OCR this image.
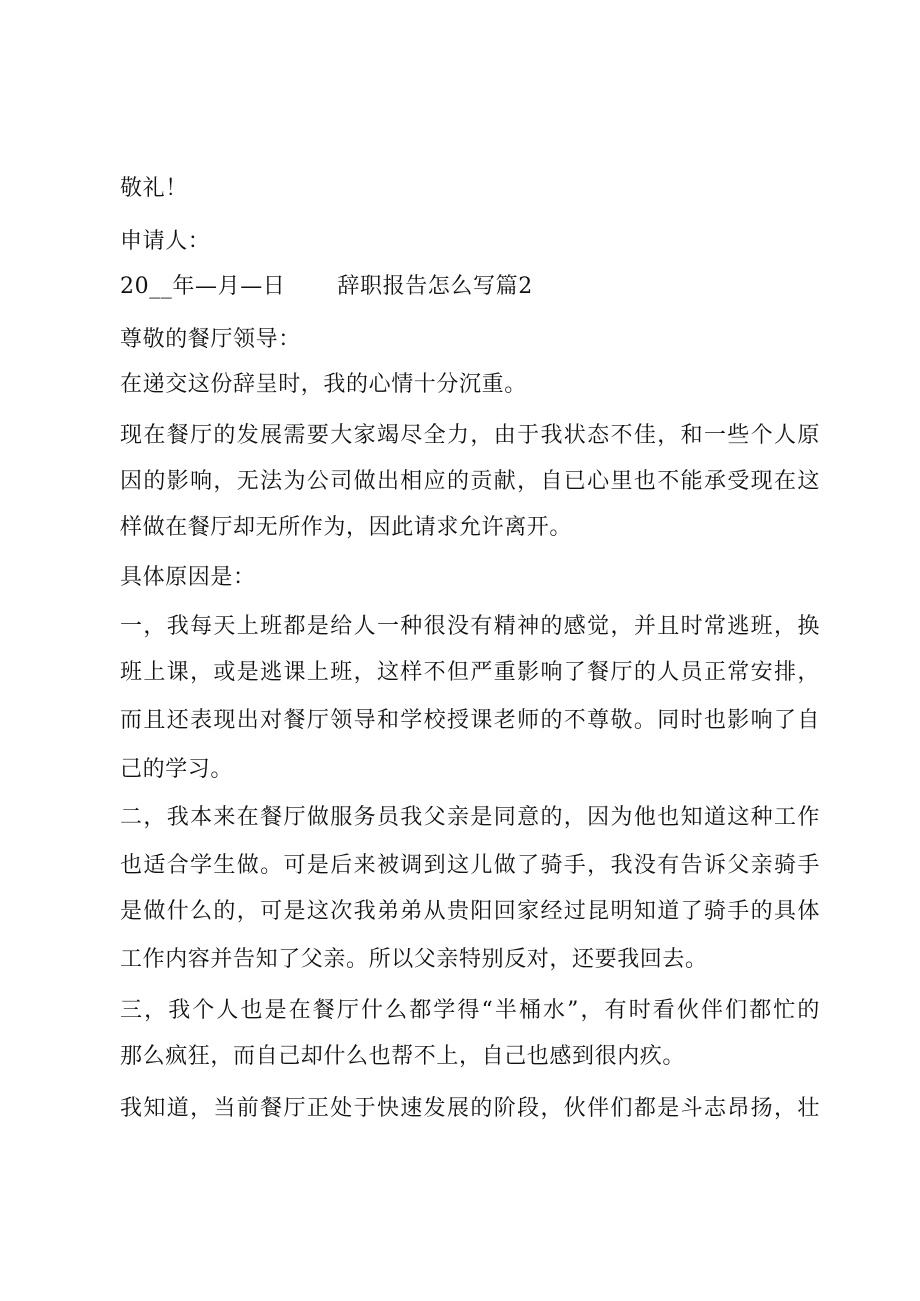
敬礼！

申请人：

20__年—月—日 辞职报告怎么写篇2

尊敬的餐厅领导：

在递交这份辞呈时，我的心情十分沉重。

现在餐厅的发展需要大家竭尽全力，由于我状态不佳，和一些个人原

因的影响，无法为公司做出相应的贡献，自已心里也不能承受现在这

样做在餐厅却无所作为，因此请求允许离开。

具体原因是：

一，我每天上班都是给人一种很没有精神的感觉，并且时常逃班，换

班上课，或是逃课上班，这样不但严重影响了餐厅的人员正常安排，

而且还表现出对餐厅领导和学校授课老师的不尊敬。同时也影响了自

己的学习。

二，我本来在餐厅做服务员我父亲是同意的，因为他也知道这种工作

也适合学生做。可是后来被调到这儿做了骑手，我没有告诉父亲骑手

是做什么的，可是这次我弟弟从贵阳回家经过昆明知道了骑手的具体

工作内容并告知了父亲。所以父亲特别反对，还要我回去。

三，我个人也是在餐厅什么都学得“半桶水”，有时看伙伴们都忙的

那么疯狂，而自己却什么也帮不上，自己也感到很内疚。

我知道，当前餐厅正处于快速发展的阶段，伙伴们都是斗志昂扬，壮
